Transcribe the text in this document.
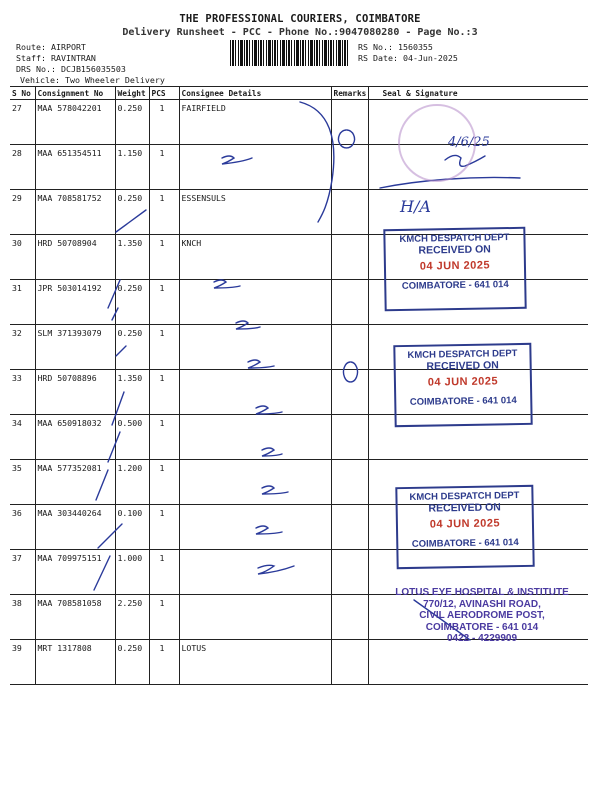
THE PROFESSIONAL COURIERS, COIMBATORE
Delivery Runsheet - PCC - Phone No.:9047080280 - Page No.:3
Route: AIRPORT
Staff: RAVINTRAN
DRS No.: DCJB156035503
Vehicle: Two Wheeler Delivery
RS No.: 1560355
RS Date: 04-Jun-2025
S No	Consignment No	Weight	PCS	Consignee Details	Remarks	Seal & Signature
27	MAA 578042201	0.250	1	FAIRFIELD		
28	MAA 651354511	1.150	1			
29	MAA 708581752	0.250	1	ESSENSULS		
30	HRD 50708904	1.350	1	KNCH		
31	JPR 503014192	0.250	1			
32	SLM 371393079	0.250	1			
33	HRD 50708896	1.350	1			
34	MAA 650918032	0.500	1			
35	MAA 577352081	1.200	1			
36	MAA 303440264	0.100	1			
37	MAA 709975151	1.000	1			
38	MAA 708581058	2.250	1			
39	MRT 1317808	0.250	1	LOTUS		
4/6/25
H/A
KMCH DESPATCH DEPT
RECEIVED ON
04 JUN 2025
COIMBATORE - 641 014
KMCH DESPATCH DEPT
RECEIVED ON
04 JUN 2025
COIMBATORE - 641 014
KMCH DESPATCH DEPT
RECEIVED ON
04 JUN 2025
COIMBATORE - 641 014
LOTUS EYE HOSPITAL & INSTITUTE
770/12, AVINASHI ROAD,
CIVIL AERODROME POST,
COIMBATORE - 641 014
0422 - 4229909
